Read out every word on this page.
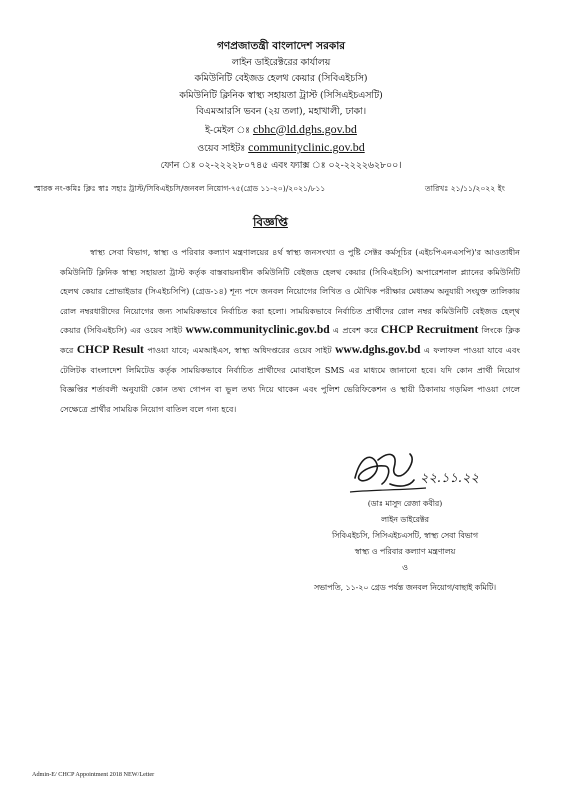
গণপ্রজাতন্ত্রী বাংলাদেশ সরকার
লাইন ডাইরেক্টরের কার্যালয়
কমিউনিটি বেইজড হেলথ কেয়ার (সিবিএইচসি)
কমিউনিটি ক্লিনিক স্বাস্থ্য সহায়তা ট্রাস্ট (সিসিএইচএসটি)
বিএমআরসি ভবন (২য় তলা), মহাখালী, ঢাকা।
ই-মেইল ঃ cbhc@ld.dghs.gov.bd
ওয়েব সাইটঃ communityclinic.gov.bd
ফোন ঃ ০২-২২২২৮০৭৪৫ এবং ফ্যাক্স ঃ ০২-২২২২৬২৮০০।
স্মারক নং-কমিঃ ক্লিঃ স্বাঃ সহাঃ ট্রাস্ট/সিবিএইচসি/জনবল নিয়োগ-৭৫(গ্রেড ১১-২০)/২০২১/৮১১	তারিখঃ ২১/১১/২০২২ ইং
বিজ্ঞপ্তি
স্বাস্থ্য সেবা বিভাগ, স্বাস্থ্য ও পরিবার কল্যাণ মন্ত্রণালয়ের ৪র্থ স্বাস্থ্য জনসংখ্যা ও পুষ্টি সেক্টর কর্মসূচির (এইচপিএনএসপি)'র আওতাধীন কমিউনিটি ক্লিনিক স্বাস্থ্য সহায়তা ট্রাস্ট কর্তৃক বাস্তবায়নাধীন কমিউনিটি বেইজড হেলথ কেয়ার (সিবিএইচসি) অপারেশনাল প্ল্যানের কমিউনিটি হেলথ কেয়ার প্রোভাইডার (সিএইচসিপি) (গ্রেড-১৪) শূন্য পদে জনবল নিয়োগের লিখিত ও মৌখিক পরীক্ষার মেধাক্রম অনুযায়ী সংযুক্ত তালিকায় রোল নম্বরধারীদের নিয়োগের জন্য সাময়িকভাবে নির্বাচিত করা হলো। সাময়িকভাবে নির্বাচিত প্রার্থীদের রোল নম্বর কমিউনিটি বেইজড হেল্থ কেয়ার (সিবিএইচসি) এর ওয়েব সাইট www.communityclinic.gov.bd এ প্রবেশ করে CHCP Recruitment লিংকে ক্লিক করে CHCP Result পাওয়া যাবে; এমআইএস, স্বাস্থ্য অধিদপ্তরের ওয়েব সাইট www.dghs.gov.bd এ ফলাফল পাওয়া যাবে এবং টেলিটক বাংলাদেশ লিমিটেড কর্তৃক সাময়িকভাবে নির্বাচিত প্রার্থীদের মোবাইলে SMS এর মাধ্যমে জানানো হবে। যদি কোন প্রার্থী নিয়োগ বিজ্ঞপ্তির শর্তাবলী অনুযায়ী কোন তথ্য গোপন বা ভুল তথ্য দিয়ে থাকেন এবং পুলিশ ভেরিফিকেশন ও স্থায়ী ঠিকানায় গড়মিল পাওয়া গেলে সেক্ষেত্রে প্রার্থীর সাময়িক নিয়োগ বাতিল বলে গন্য হবে।
২২.১১.২২
(ডাঃ মাসুদ রেজা কবীর)
লাইন ডাইরেক্টর
সিবিএইচসি, সিসিএইচএসটি, স্বাস্থ্য সেবা বিভাগ
স্বাস্থ্য ও পরিবার কল্যাণ মন্ত্রণালয়
ও
সভাপতি, ১১-২০ গ্রেড পর্যন্ত জনবল নিয়োগ/বাছাই কমিটি।
Admin-E/ CHCP Appointment 2018 NEW/Letter
